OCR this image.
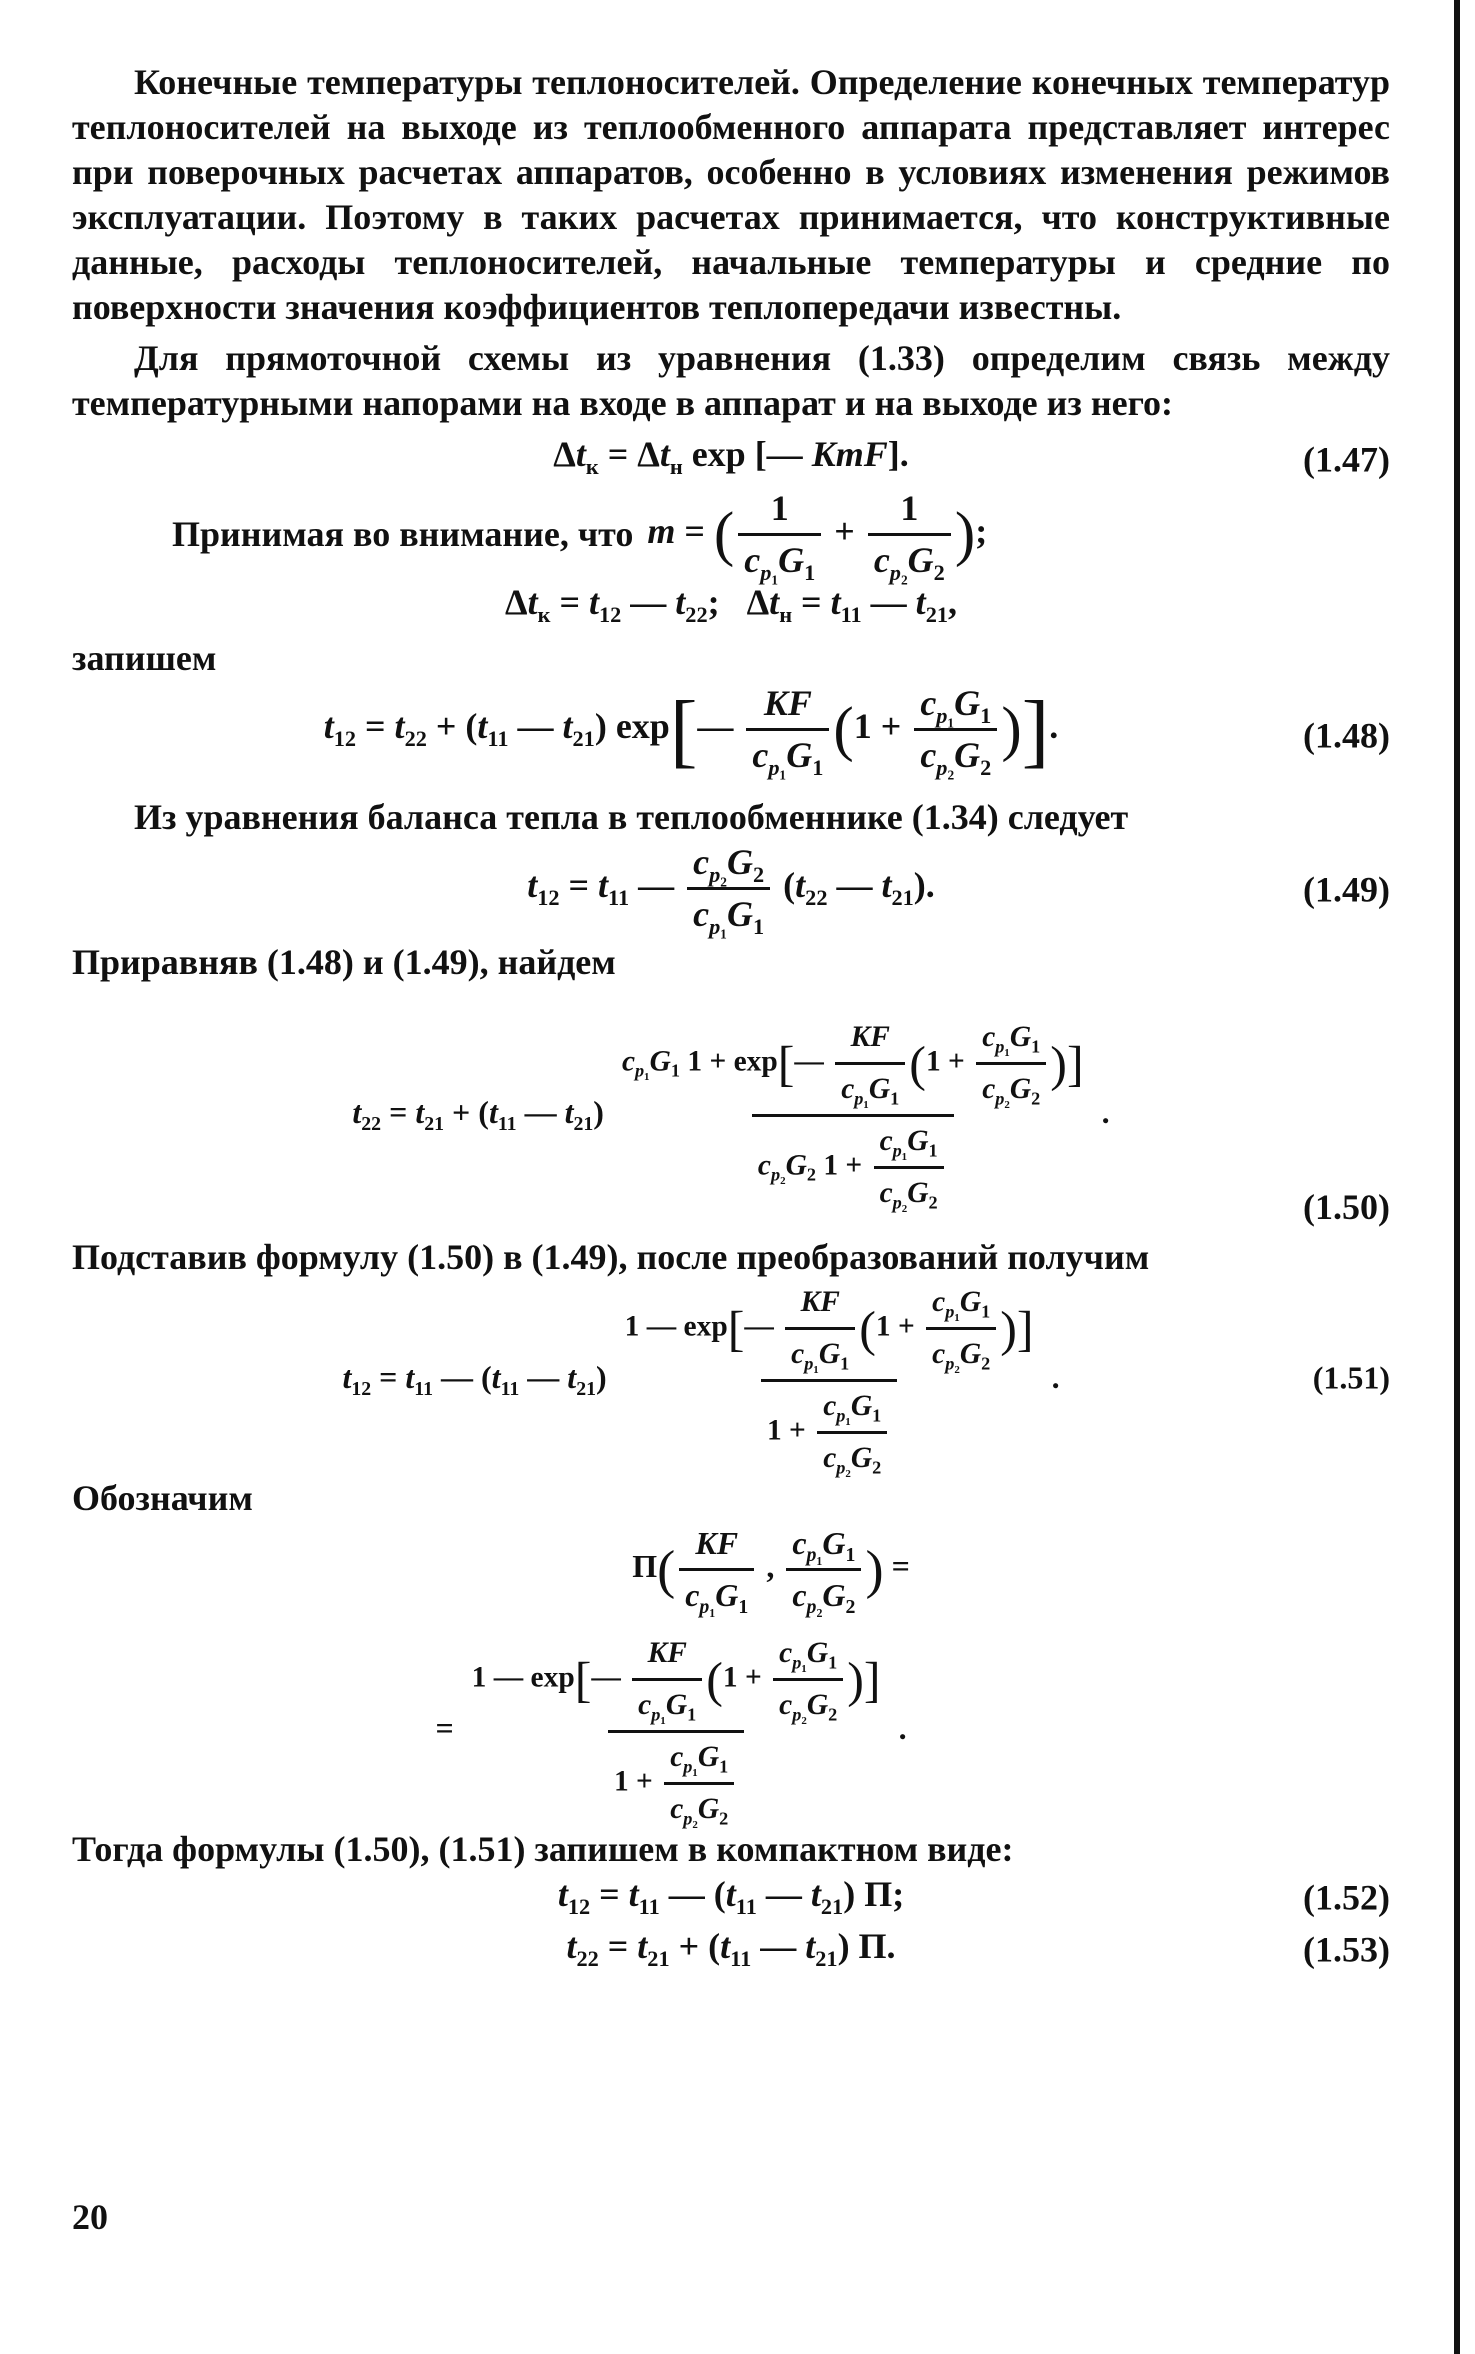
Конечные температуры теплоносителей. Определение конечных температур теплоносителей на выходе из теплообменного аппарата представляет интерес при поверочных расчетах аппаратов, особенно в условиях изменения режимов эксплуатации. Поэтому в таких расчетах принимается, что конструктивные данные, расходы теплоносителей, начальные температуры и средние по поверхности значения коэффициентов теплопередачи известны.

Для прямоточной схемы из уравнения (1.33) определим связь между температурными напорами на входе в аппарат и на выходе из него:

$\Delta t_к = \Delta t_н$ exp [— KmF].	(1.47)
Принимая во внимание, что m = ( $\frac{1}{c_{p_1}G_1} + \frac{1}{c_{p_2}G_2}$ );
$\Delta t_к = t_{12}$ — $t_{22}$;   $\Delta t_н = t_{11}$ — $t_{21}$,

запишем

$t_{12} = t_{22} + (t_{11}$ — $t_{21}$) exp[— $\frac{KF}{c_{p_1}G_1} (1 + \frac{c_{p_1}G_1}{c_{p_2}G_2}$ )].	(1.48)

Из уравнения баланса тепла в теплообменнике (1.34) следует

$t_{12} = t_{11}$ — $\frac{c_{p_2}G_2}{c_{p_1}G_1} (t_{22}$ — $t_{21}$).	(1.49)

Приравняв (1.48) и (1.49), найдем

$t_{22} = t_{21} + (t_{11}$ — $t_{21}) \frac{c_{p_1}G_1 1 + \exp[— \frac{KF}{c_{p_1}G_1} (1 + \frac{c_{p_1}G_1}{c_{p_2}G_2} )]}{c_{p_2}G_2 1 + \frac{c_{p_1}G_1}{c_{p_2}G_2}}$ .
(1.50)

Подставив формулу (1.50) в (1.49), после преобразований получим

$t_{12} = t_{11}$ — ($t_{11}$ — $t_{21}) \frac{1 — \exp[— \frac{KF}{c_{p_1}G_1} (1 + \frac{c_{p_1}G_1}{c_{p_2}G_2} )]}{1 + \frac{c_{p_1}G_1}{c_{p_2}G_2}}$ .	(1.51)

Обозначим

$П( \frac{KF}{c_{p_1}G_1}$ , $\frac{c_{p_1}G_1}{c_{p_2}G_2}$ ) =
= $\frac{1 — \exp[— \frac{KF}{c_{p_1}G_1} (1 + \frac{c_{p_1}G_1}{c_{p_2}G_2} )]}{1 + \frac{c_{p_1}G_1}{c_{p_2}G_2}}$ .

Тогда формулы (1.50), (1.51) запишем в компактном виде:

$t_{12} = t_{11}$ — ($t_{11}$ — $t_{21}$) П;	(1.52)
$t_{22} = t_{21} + (t_{11}$ — $t_{21}$) П.	(1.53)
20
